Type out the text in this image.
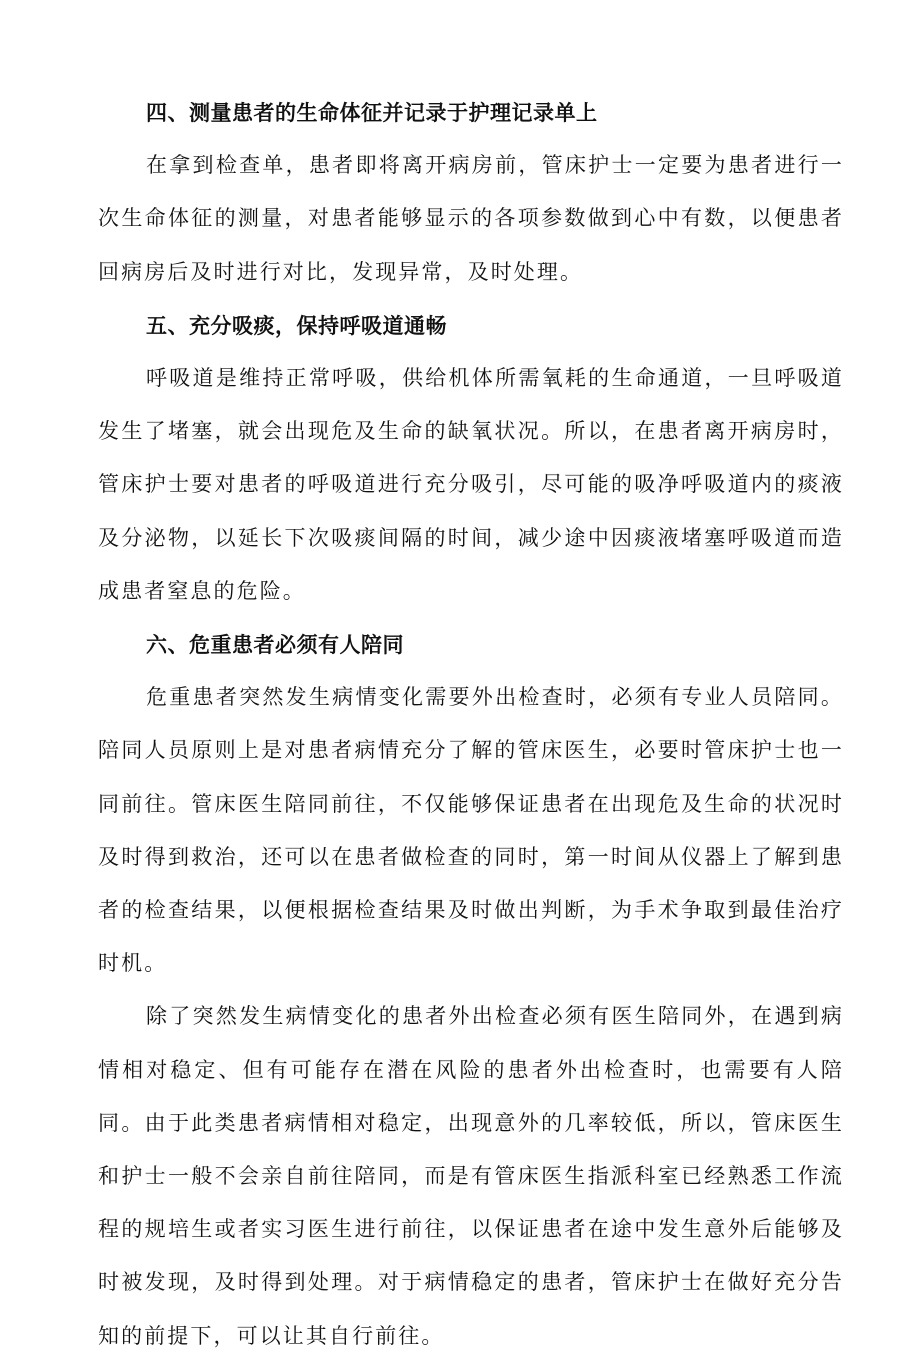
四、测量患者的生命体征并记录于护理记录单上

在拿到检查单，患者即将离开病房前，管床护士一定要为患者进行一次生命体征的测量，对患者能够显示的各项参数做到心中有数，以便患者回病房后及时进行对比，发现异常，及时处理。

五、充分吸痰，保持呼吸道通畅

呼吸道是维持正常呼吸，供给机体所需氧耗的生命通道，一旦呼吸道发生了堵塞，就会出现危及生命的缺氧状况。所以，在患者离开病房时，管床护士要对患者的呼吸道进行充分吸引，尽可能的吸净呼吸道内的痰液及分泌物，以延长下次吸痰间隔的时间，减少途中因痰液堵塞呼吸道而造成患者窒息的危险。

六、危重患者必须有人陪同

危重患者突然发生病情变化需要外出检查时，必须有专业人员陪同。陪同人员原则上是对患者病情充分了解的管床医生，必要时管床护士也一同前往。管床医生陪同前往，不仅能够保证患者在出现危及生命的状况时及时得到救治，还可以在患者做检查的同时，第一时间从仪器上了解到患者的检查结果，以便根据检查结果及时做出判断，为手术争取到最佳治疗时机。

除了突然发生病情变化的患者外出检查必须有医生陪同外，在遇到病情相对稳定、但有可能存在潜在风险的患者外出检查时，也需要有人陪同。由于此类患者病情相对稳定，出现意外的几率较低，所以，管床医生和护士一般不会亲自前往陪同，而是有管床医生指派科室已经熟悉工作流程的规培生或者实习医生进行前往，以保证患者在途中发生意外后能够及时被发现，及时得到处理。对于病情稳定的患者，管床护士在做好充分告知的前提下，可以让其自行前往。
